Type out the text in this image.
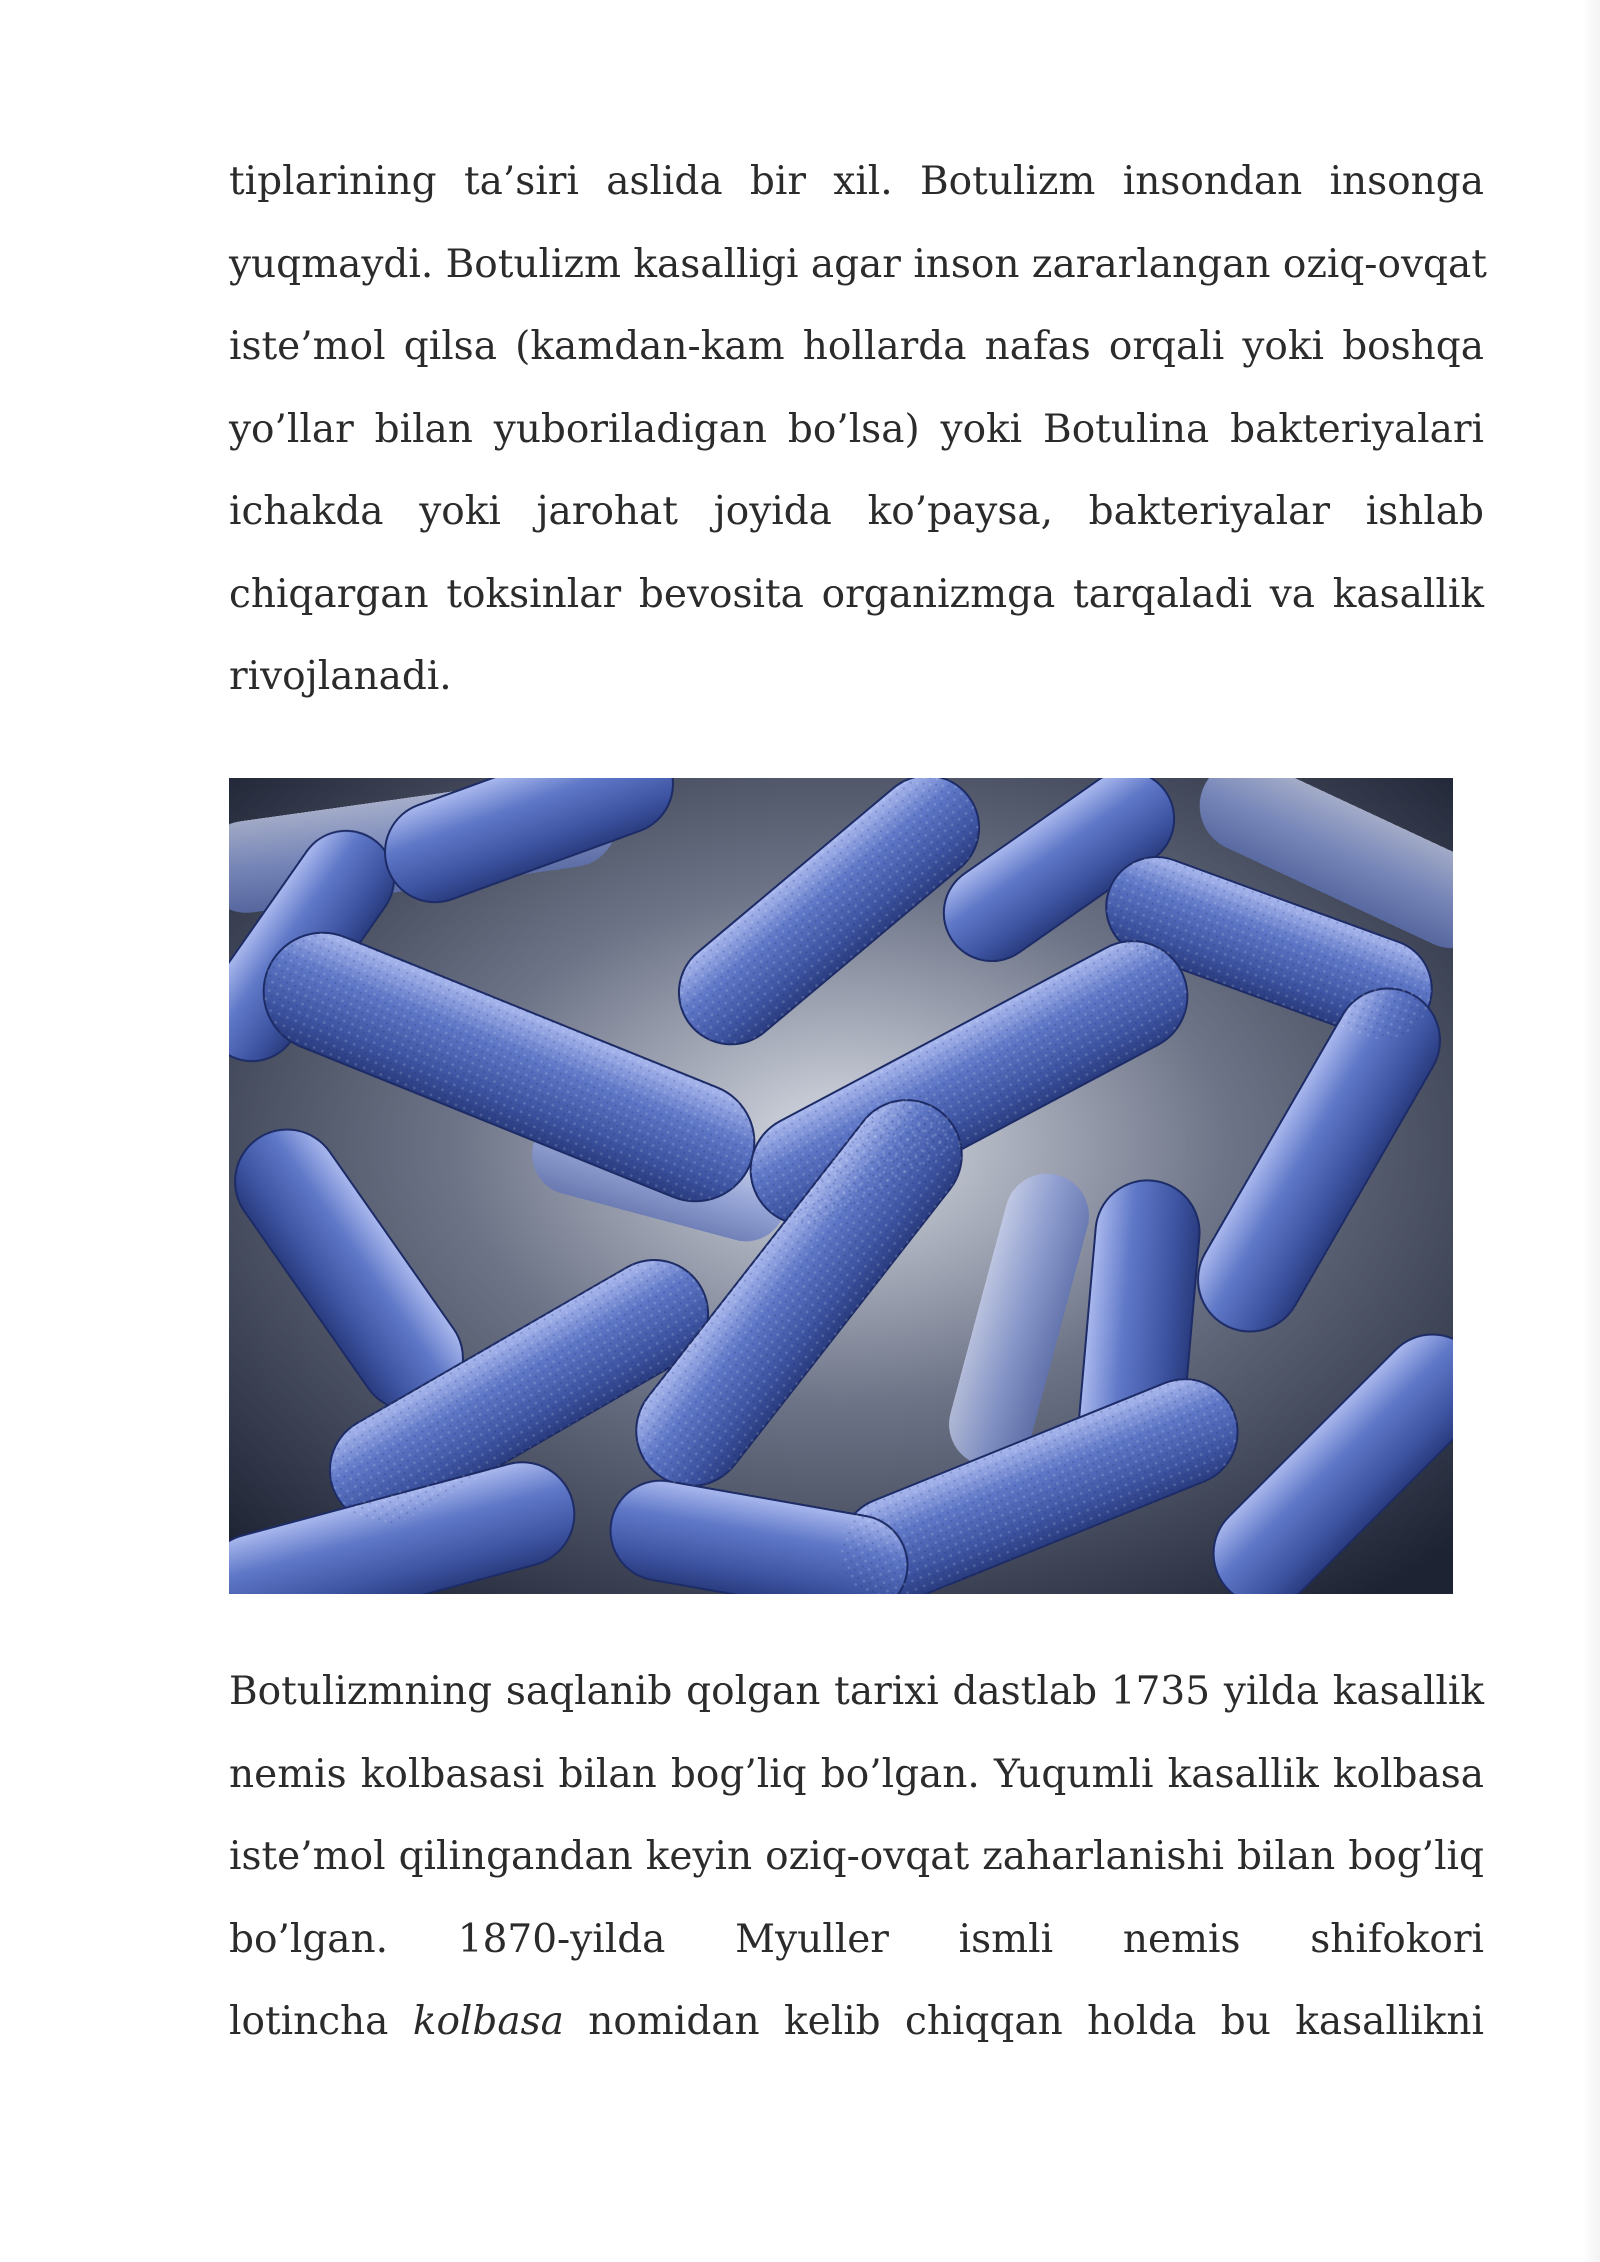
tiplarining ta’siri aslida bir xil. Botulizm insondan insonga
yuqmaydi. Botulizm kasalligi agar inson zararlangan oziq-ovqat
iste’mol qilsa (kamdan-kam hollarda nafas orqali yoki boshqa
yo’llar bilan yuboriladigan bo’lsa) yoki Botulina bakteriyalari
ichakda yoki jarohat joyida ko’paysa, bakteriyalar ishlab
chiqargan toksinlar bevosita organizmga tarqaladi va kasallik
rivojlanadi.

Botulizmning saqlanib qolgan tarixi dastlab 1735 yilda kasallik
nemis kolbasasi bilan bog’liq bo’lgan. Yuqumli kasallik kolbasa
iste’mol qilingandan keyin oziq-ovqat zaharlanishi bilan bog’liq
bo’lgan. 1870-yilda Myuller ismli nemis shifokori
lotincha kolbasa nomidan kelib chiqqan holda bu kasallikni
